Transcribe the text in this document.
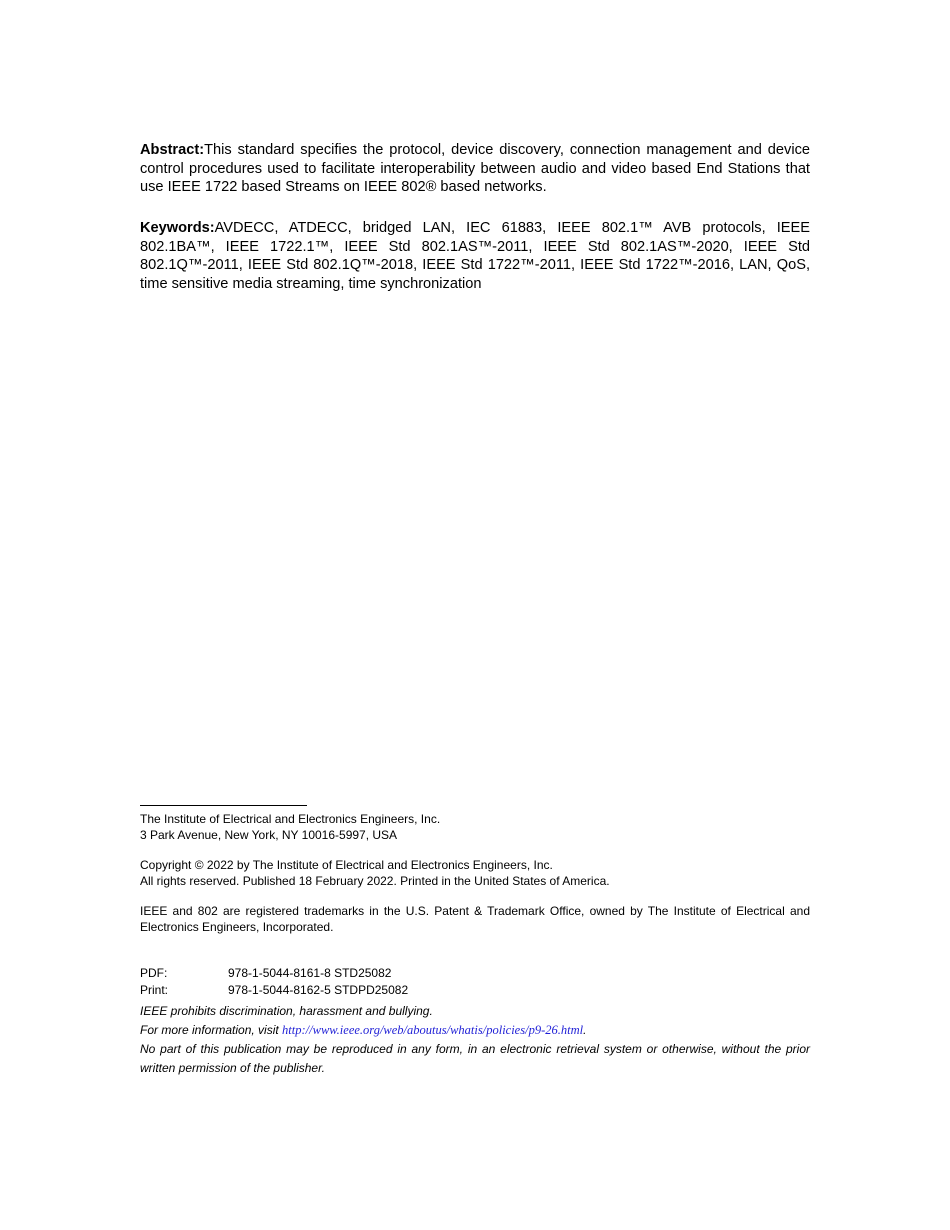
Abstract:This standard specifies the protocol, device discovery, connection management and device control procedures used to facilitate interoperability between audio and video based End Stations that use IEEE 1722 based Streams on IEEE 802® based networks.
Keywords:AVDECC, ATDECC, bridged LAN, IEC 61883, IEEE 802.1™ AVB protocols, IEEE 802.1BA™, IEEE 1722.1™, IEEE Std 802.1AS™-2011, IEEE Std 802.1AS™-2020, IEEE Std 802.1Q™-2011, IEEE Std 802.1Q™-2018, IEEE Std 1722™-2011, IEEE Std 1722™-2016, LAN, QoS, time sensitive media streaming, time synchronization
The Institute of Electrical and Electronics Engineers, Inc.
3 Park Avenue, New York, NY 10016-5997, USA
Copyright © 2022 by The Institute of Electrical and Electronics Engineers, Inc.
All rights reserved. Published 18 February 2022. Printed in the United States of America.
IEEE and 802 are registered trademarks in the U.S. Patent & Trademark Office, owned by The Institute of Electrical and Electronics Engineers, Incorporated.
PDF:	978-1-5044-8161-8 STD25082
Print:	978-1-5044-8162-5 STDPD25082
IEEE prohibits discrimination, harassment and bullying.
For more information, visit http://www.ieee.org/web/aboutus/whatis/policies/p9-26.html.
No part of this publication may be reproduced in any form, in an electronic retrieval system or otherwise, without the prior written permission of the publisher.
